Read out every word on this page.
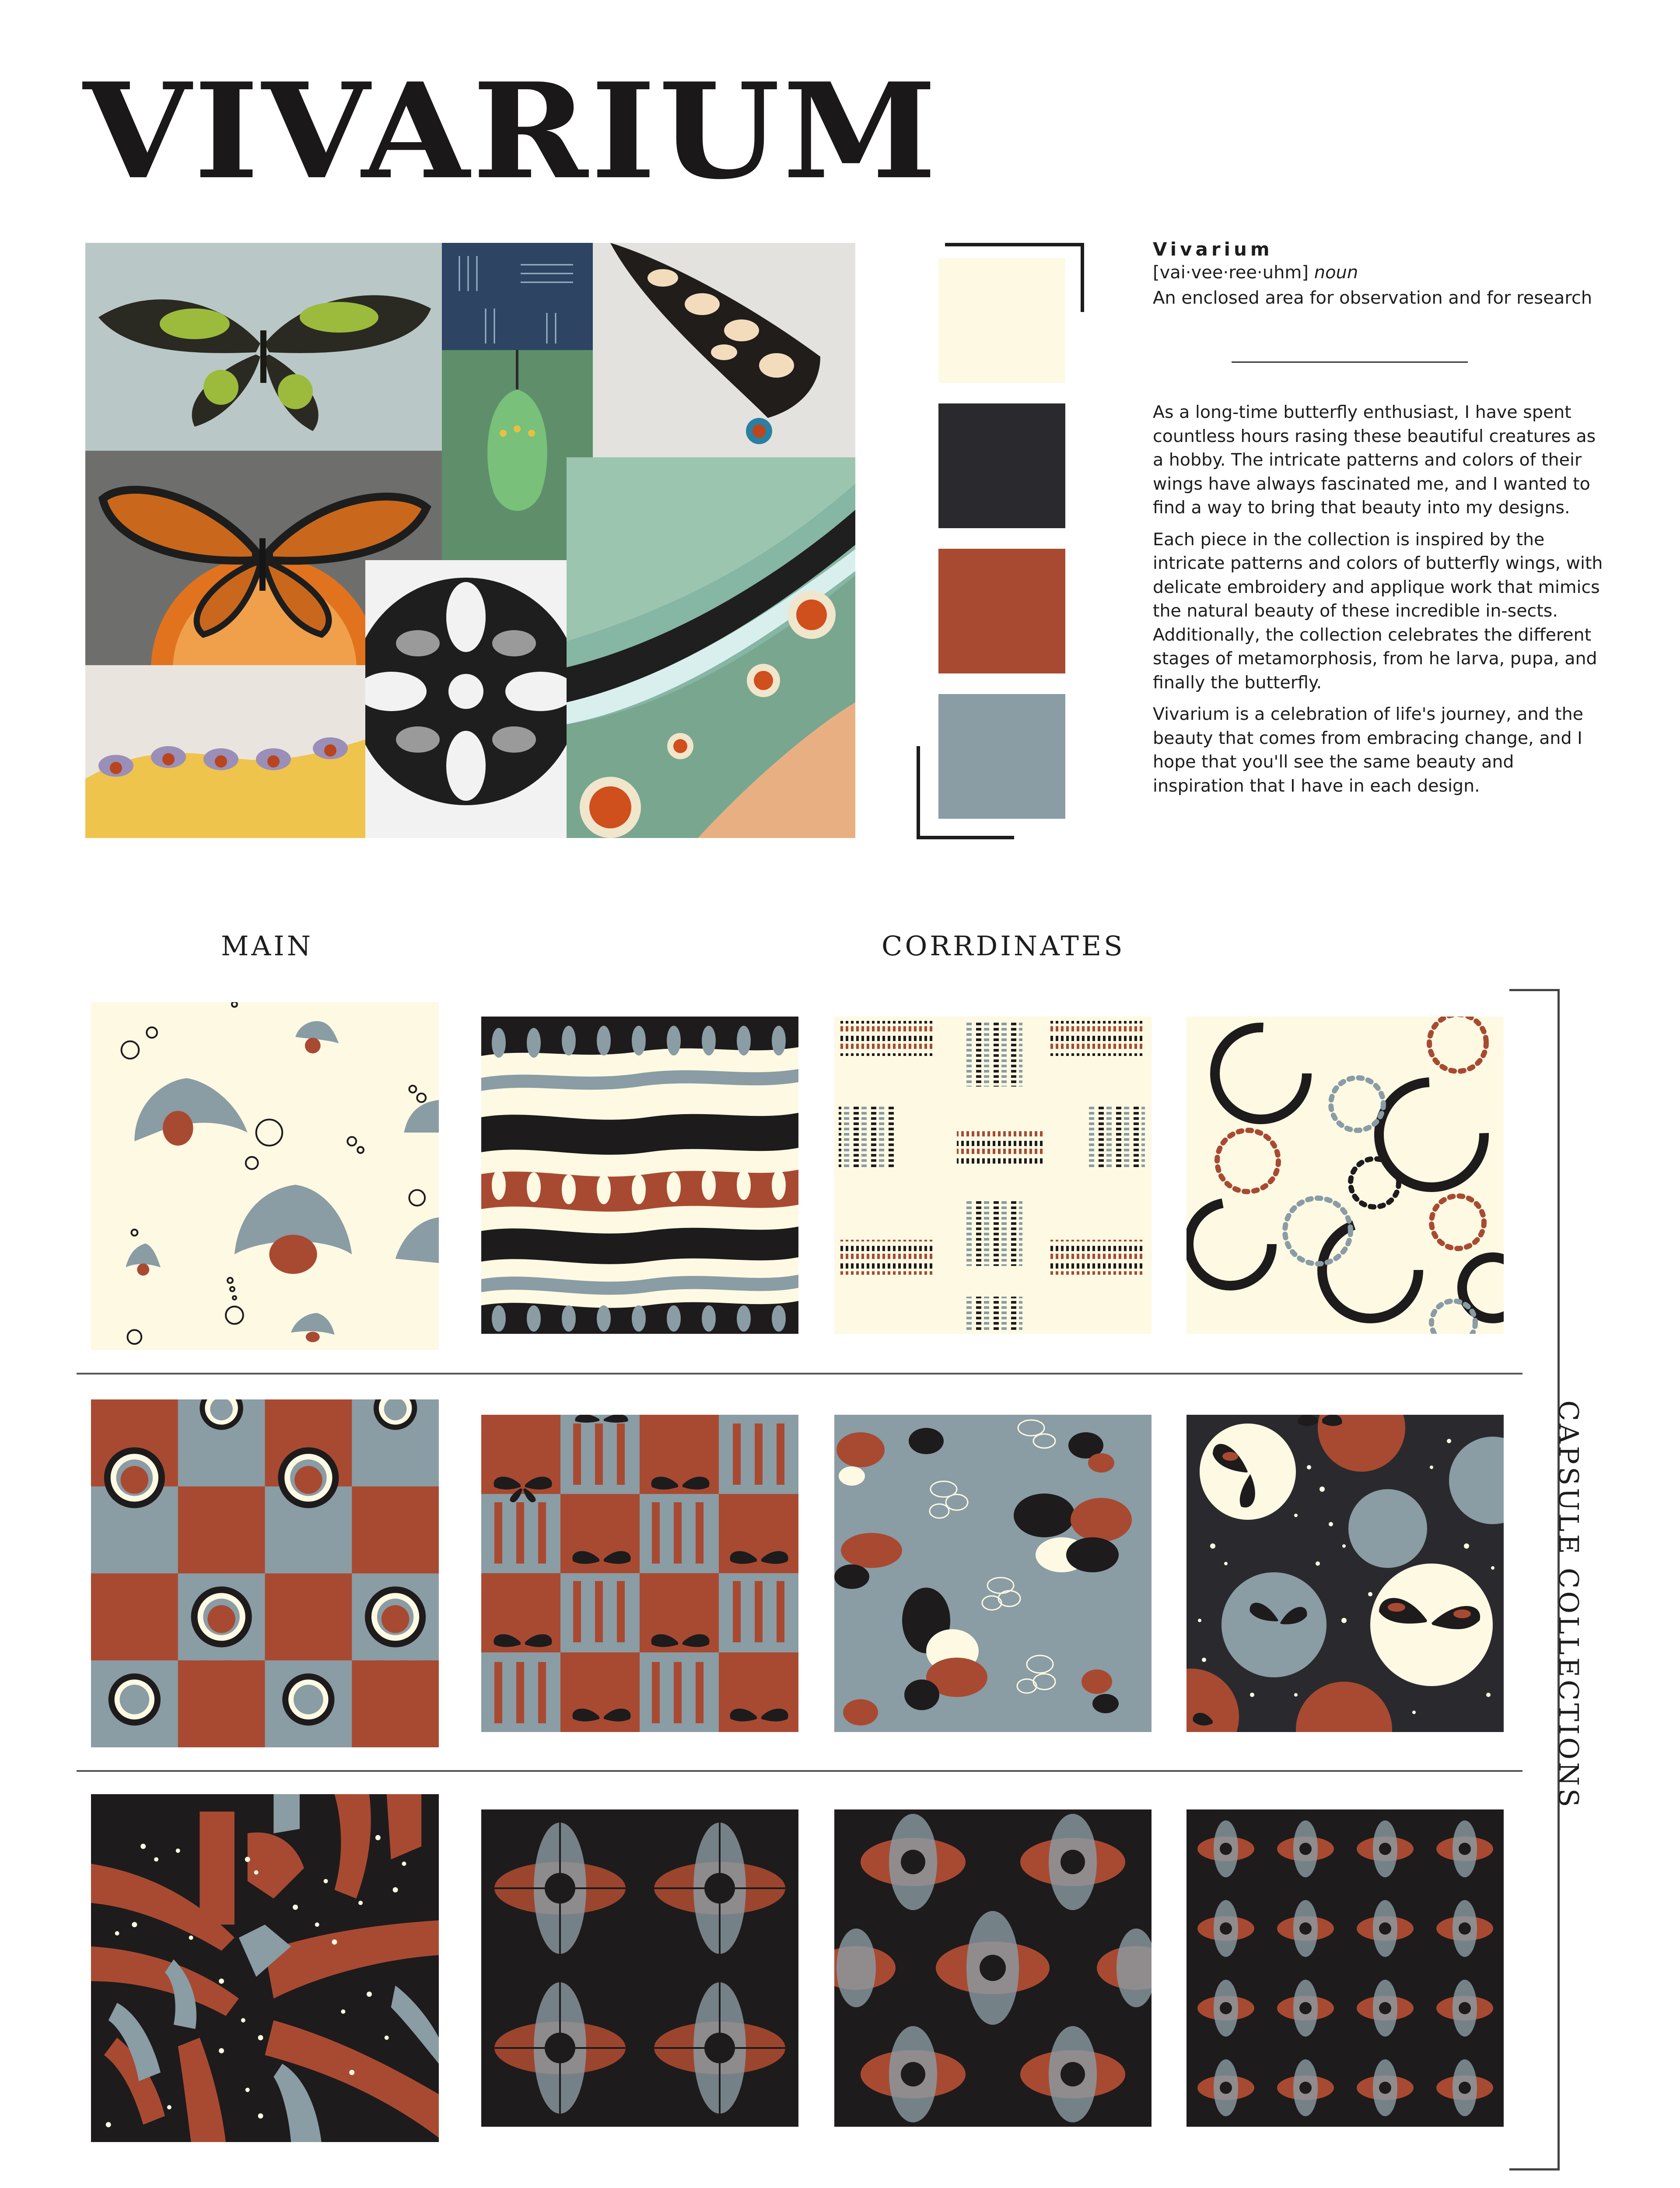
VIVARIUM
Vivarium
[vai·vee·ree·uhm] noun
An enclosed area for observation and for research

As a long-time butterfly enthusiast, I have spent countless hours rasing these beautiful creatures as a hobby. The intricate patterns and colors of their wings have always fascinated me, and I wanted to find a way to bring that beauty into my designs.

Each piece in the collection is inspired by the intricate patterns and colors of butterfly wings, with delicate embroidery and applique work that mimics the natural beauty of these incredible in-sects. Additionally, the collection celebrates the different stages of metamorphosis, from he larva, pupa, and finally the butterfly.

Vivarium is a celebration of life's journey, and the beauty that comes from embracing change, and I hope that you'll see the same beauty and inspiration that I have in each design.

MAIN	CORRDINATES
CAPSULE COLLECTIONS
